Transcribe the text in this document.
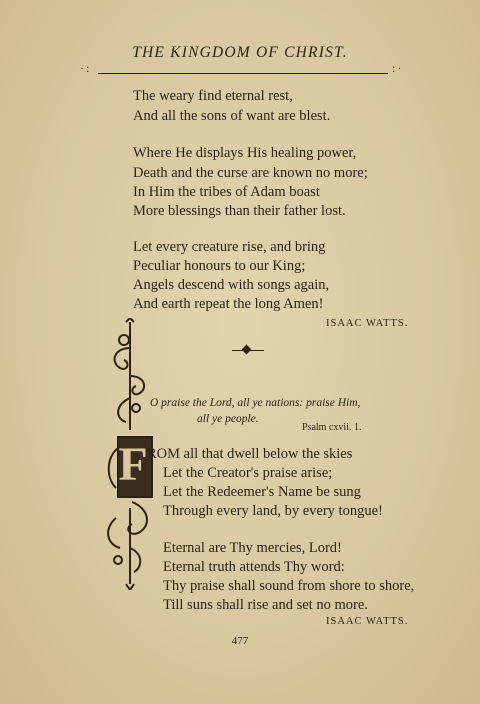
THE KINGDOM OF CHRIST.
·:	:·
The weary find eternal rest,
And all the sons of want are blest.
Where He displays His healing power,
Death and the curse are known no more;
In Him the tribes of Adam boast
More blessings than their father lost.
Let every creature rise, and bring
Peculiar honours to our King;
Angels descend with songs again,
And earth repeat the long Amen!
ISAAC WATTS.
O praise the Lord, all ye nations: praise Him,
all ye people.
Psalm cxvii. 1.
F ROM all that dwell below the skies
Let the Creator's praise arise;
Let the Redeemer's Name be sung
Through every land, by every tongue!
Eternal are Thy mercies, Lord!
Eternal truth attends Thy word:
Thy praise shall sound from shore to shore,
Till suns shall rise and set no more.
ISAAC WATTS.
477
